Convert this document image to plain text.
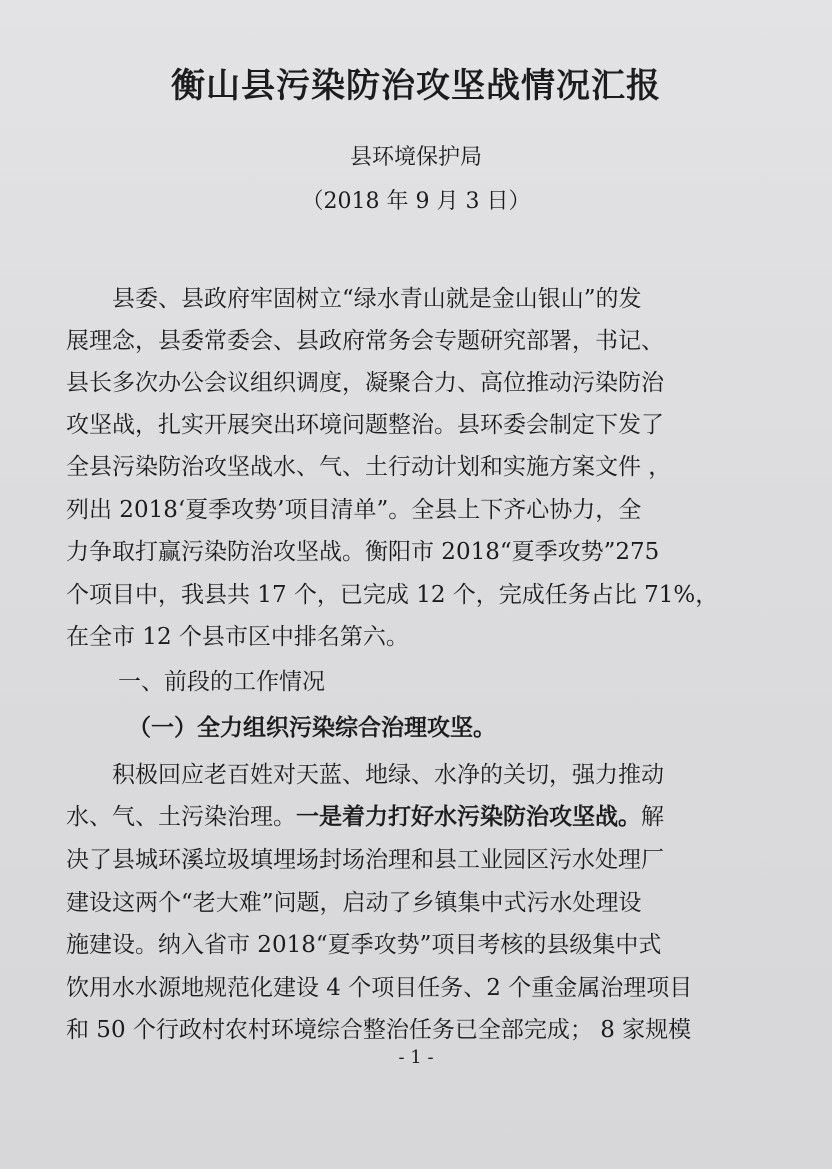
衡山县污染防治攻坚战情况汇报
县环境保护局
（2018 年 9 月 3 日）
县委、县政府牢固树立“绿水青山就是金山银山”的发
展理念，县委常委会、县政府常务会专题研究部署，书记、
县长多次办公会议组织调度，凝聚合力、高位推动污染防治
攻坚战，扎实开展突出环境问题整治。县环委会制定下发了
全县污染防治攻坚战水、气、土行动计划和实施方案文件 ，
列出 2018‘夏季攻势’项目清单”。全县上下齐心协力，全
力争取打赢污染防治攻坚战。衡阳市 2018“夏季攻势”275
个项目中，我县共 17 个，已完成 12 个，完成任务占比 71%，
在全市 12 个县市区中排名第六。
一、前段的工作情况
（一）全力组织污染综合治理攻坚。
积极回应老百姓对天蓝、地绿、水净的关切，强力推动
水、气、土污染治理。一是着力打好水污染防治攻坚战。解
决了县城环溪垃圾填埋场封场治理和县工业园区污水处理厂
建设这两个“老大难”问题，启动了乡镇集中式污水处理设
施建设。纳入省市 2018“夏季攻势”项目考核的县级集中式
饮用水水源地规范化建设 4 个项目任务、2 个重金属治理项目
和 50 个行政村农村环境综合整治任务已全部完成； 8 家规模
- 1 -
